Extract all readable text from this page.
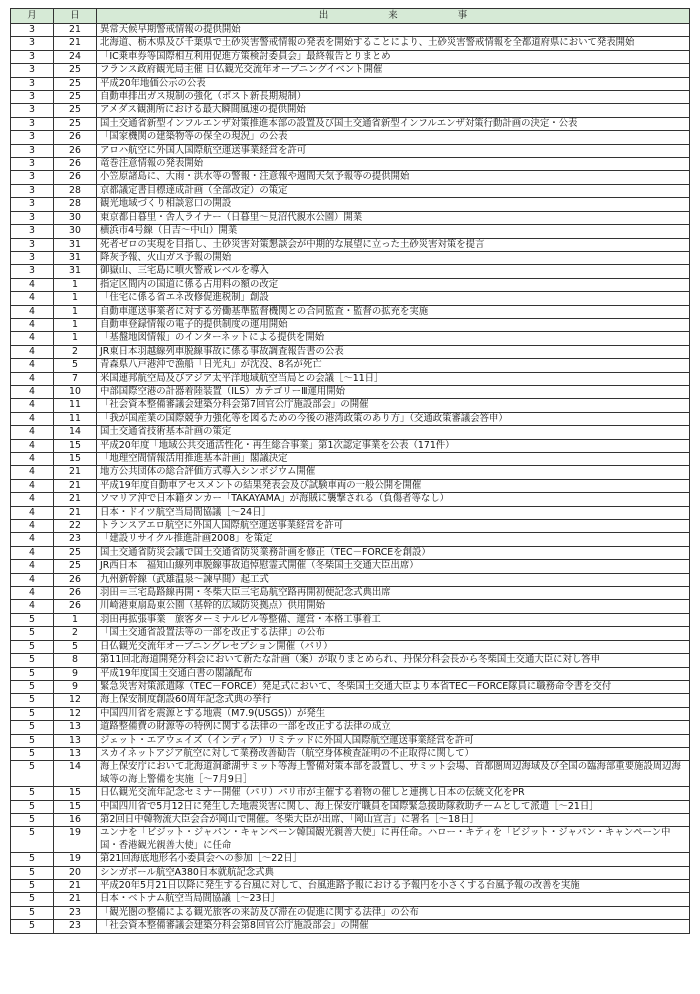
月	日	出 来 事
3	21	異常天候早期警戒情報の提供開始
3	21	北海道、栃木県及び千葉県で土砂災害警戒情報の発表を開始することにより、土砂災害警戒情報を全都道府県において発表開始
3	24	「IC乗車券等国際相互利用促進方策検討委員会」最終報告とりまとめ
3	25	フランス政府観光局主催 日仏観光交流年オープニングイベント開催
3	25	平成20年地価公示の公表
3	25	自動車排出ガス規制の強化（ポスト新長期規制）
3	25	アメダス観測所における最大瞬間風速の提供開始
3	25	国土交通省新型インフルエンザ対策推進本部の設置及び国土交通省新型インフルエンザ対策行動計画の決定・公表
3	26	「国家機関の建築物等の保全の現況」の公表
3	26	アロハ航空に外国人国際航空運送事業経営を許可
3	26	竜巻注意情報の発表開始
3	26	小笠原諸島に、大雨・洪水等の警報・注意報や週間天気予報等の提供開始
3	28	京都議定書目標達成計画（全部改定）の策定
3	28	観光地域づくり相談窓口の開設
3	30	東京都日暮里・舎人ライナー（日暮里〜見沼代親水公園）開業
3	30	横浜市4号線（日吉〜中山）開業
3	31	死者ゼロの実現を目指し、土砂災害対策懇談会が中期的な展望に立った土砂災害対策を提言
3	31	降灰予報、火山ガス予報の開始
3	31	御嶽山、三宅島に噴火警戒レベルを導入
4	1	指定区間内の国道に係る占用料の額の改定
4	1	「住宅に係る省エネ改修促進税制」創設
4	1	自動車運送事業者に対する労働基準監督機関との合同監査・監督の拡充を実施
4	1	自動車登録情報の電子的提供制度の運用開始
4	1	「基盤地図情報」のインターネットによる提供を開始
4	2	JR東日本羽越線列車脱線事故に係る事故調査報告書の公表
4	5	青森県八戸港沖で漁船「日光丸」が沈没、8名が死亡
4	7	米国連邦航空局及びアジア太平洋地域航空当局との会議［〜11日］
4	10	中部国際空港の計器着陸装置（ILS）カテゴリーⅢ運用開始
4	11	「社会資本整備審議会建築分科会第7回官公庁施設部会」の開催
4	11	「我が国産業の国際競争力強化等を図るための今後の港湾政策のあり方」（交通政策審議会答申）
4	14	国土交通省技術基本計画の策定
4	15	平成20年度「地域公共交通活性化・再生総合事業」第1次認定事業を公表（171件）
4	15	「地理空間情報活用推進基本計画」閣議決定
4	21	地方公共団体の総合評価方式導入シンポジウム開催
4	21	平成19年度自動車アセスメントの結果発表会及び試験車両の一般公開を開催
4	21	ソマリア沖で日本籍タンカー「TAKAYAMA」が海賊に襲撃される（負傷者等なし）
4	21	日本・ドイツ航空当局間協議［〜24日］
4	22	トランスアエロ航空に外国人国際航空運送事業経営を許可
4	23	「建設リサイクル推進計画2008」を策定
4	25	国土交通省防災会議で国土交通省防災業務計画を修正（TEC－FORCEを創設）
4	25	JR西日本　福知山線列車脱線事故追悼慰霊式開催（冬柴国土交通大臣出席）
4	26	九州新幹線（武雄温泉〜諫早間）起工式
4	26	羽田＝三宅島路線再開・冬柴大臣三宅島航空路再開初便記念式典出席
4	26	川崎港東扇島東公園（基幹的広域防災拠点）供用開始
5	1	羽田再拡張事業　旅客ターミナルビル等整備、運営・本格工事着工
5	2	「国土交通省設置法等の一部を改正する法律」の公布
5	5	日仏観光交流年オープニングレセプション開催（パリ）
5	8	第11回北海道開発分科会において新たな計画（案）が取りまとめられ、丹保分科会長から冬柴国土交通大臣に対し答申
5	9	平成19年度国土交通白書の閣議配布
5	9	緊急災害対策派遣隊（TEC－FORCE）発足式において、冬柴国土交通大臣より本省TEC－FORCE隊員に職務命令書を交付
5	12	海上保安制度創設60周年記念式典の挙行
5	12	中国四川省を震源とする地震（M7.9(USGS)）が発生
5	13	道路整備費の財源等の特例に関する法律の一部を改正する法律の成立
5	13	ジェット・エアウェイズ（インディア）リミテッドに外国人国際航空運送事業経営を許可
5	13	スカイネットアジア航空に対して業務改善勧告（航空身体検査証明の不正取得に関して）
5	14	海上保安庁において北海道洞爺湖サミット等海上警備対策本部を設置し、サミット会場、首都圏周辺海域及び全国の臨海部重要施設周辺海域等の海上警備を実施［〜7月9日］
5	15	日仏観光交流年記念セミナー開催（パリ）パリ市が主催する着物の催しと連携し日本の伝統文化をPR
5	15	中国四川省で5月12日に発生した地震災害に関し、海上保安庁職員を国際緊急援助隊救助チームとして派遣［〜21日］
5	16	第2回日中韓物流大臣会合が岡山で開催。冬柴大臣が出席、「岡山宣言」に署名［〜18日］
5	19	ユンナを「ビジット・ジャパン・キャンペーン韓国観光親善大使」に再任命。ハロー・キティを「ビジット・ジャパン・キャンペーン中国・香港観光親善大使」に任命
5	19	第21回海底地形名小委員会への参加［〜22日］
5	20	シンガポール航空A380日本就航記念式典
5	21	平成20年5月21日以降に発生する台風に対して、台風進路予報における予報円を小さくする台風予報の改善を実施
5	21	日本・ベトナム航空当局間協議［〜23日］
5	23	「観光圏の整備による観光旅客の来訪及び滞在の促進に関する法律」の公布
5	23	「社会資本整備審議会建築分科会第8回官公庁施設部会」の開催
